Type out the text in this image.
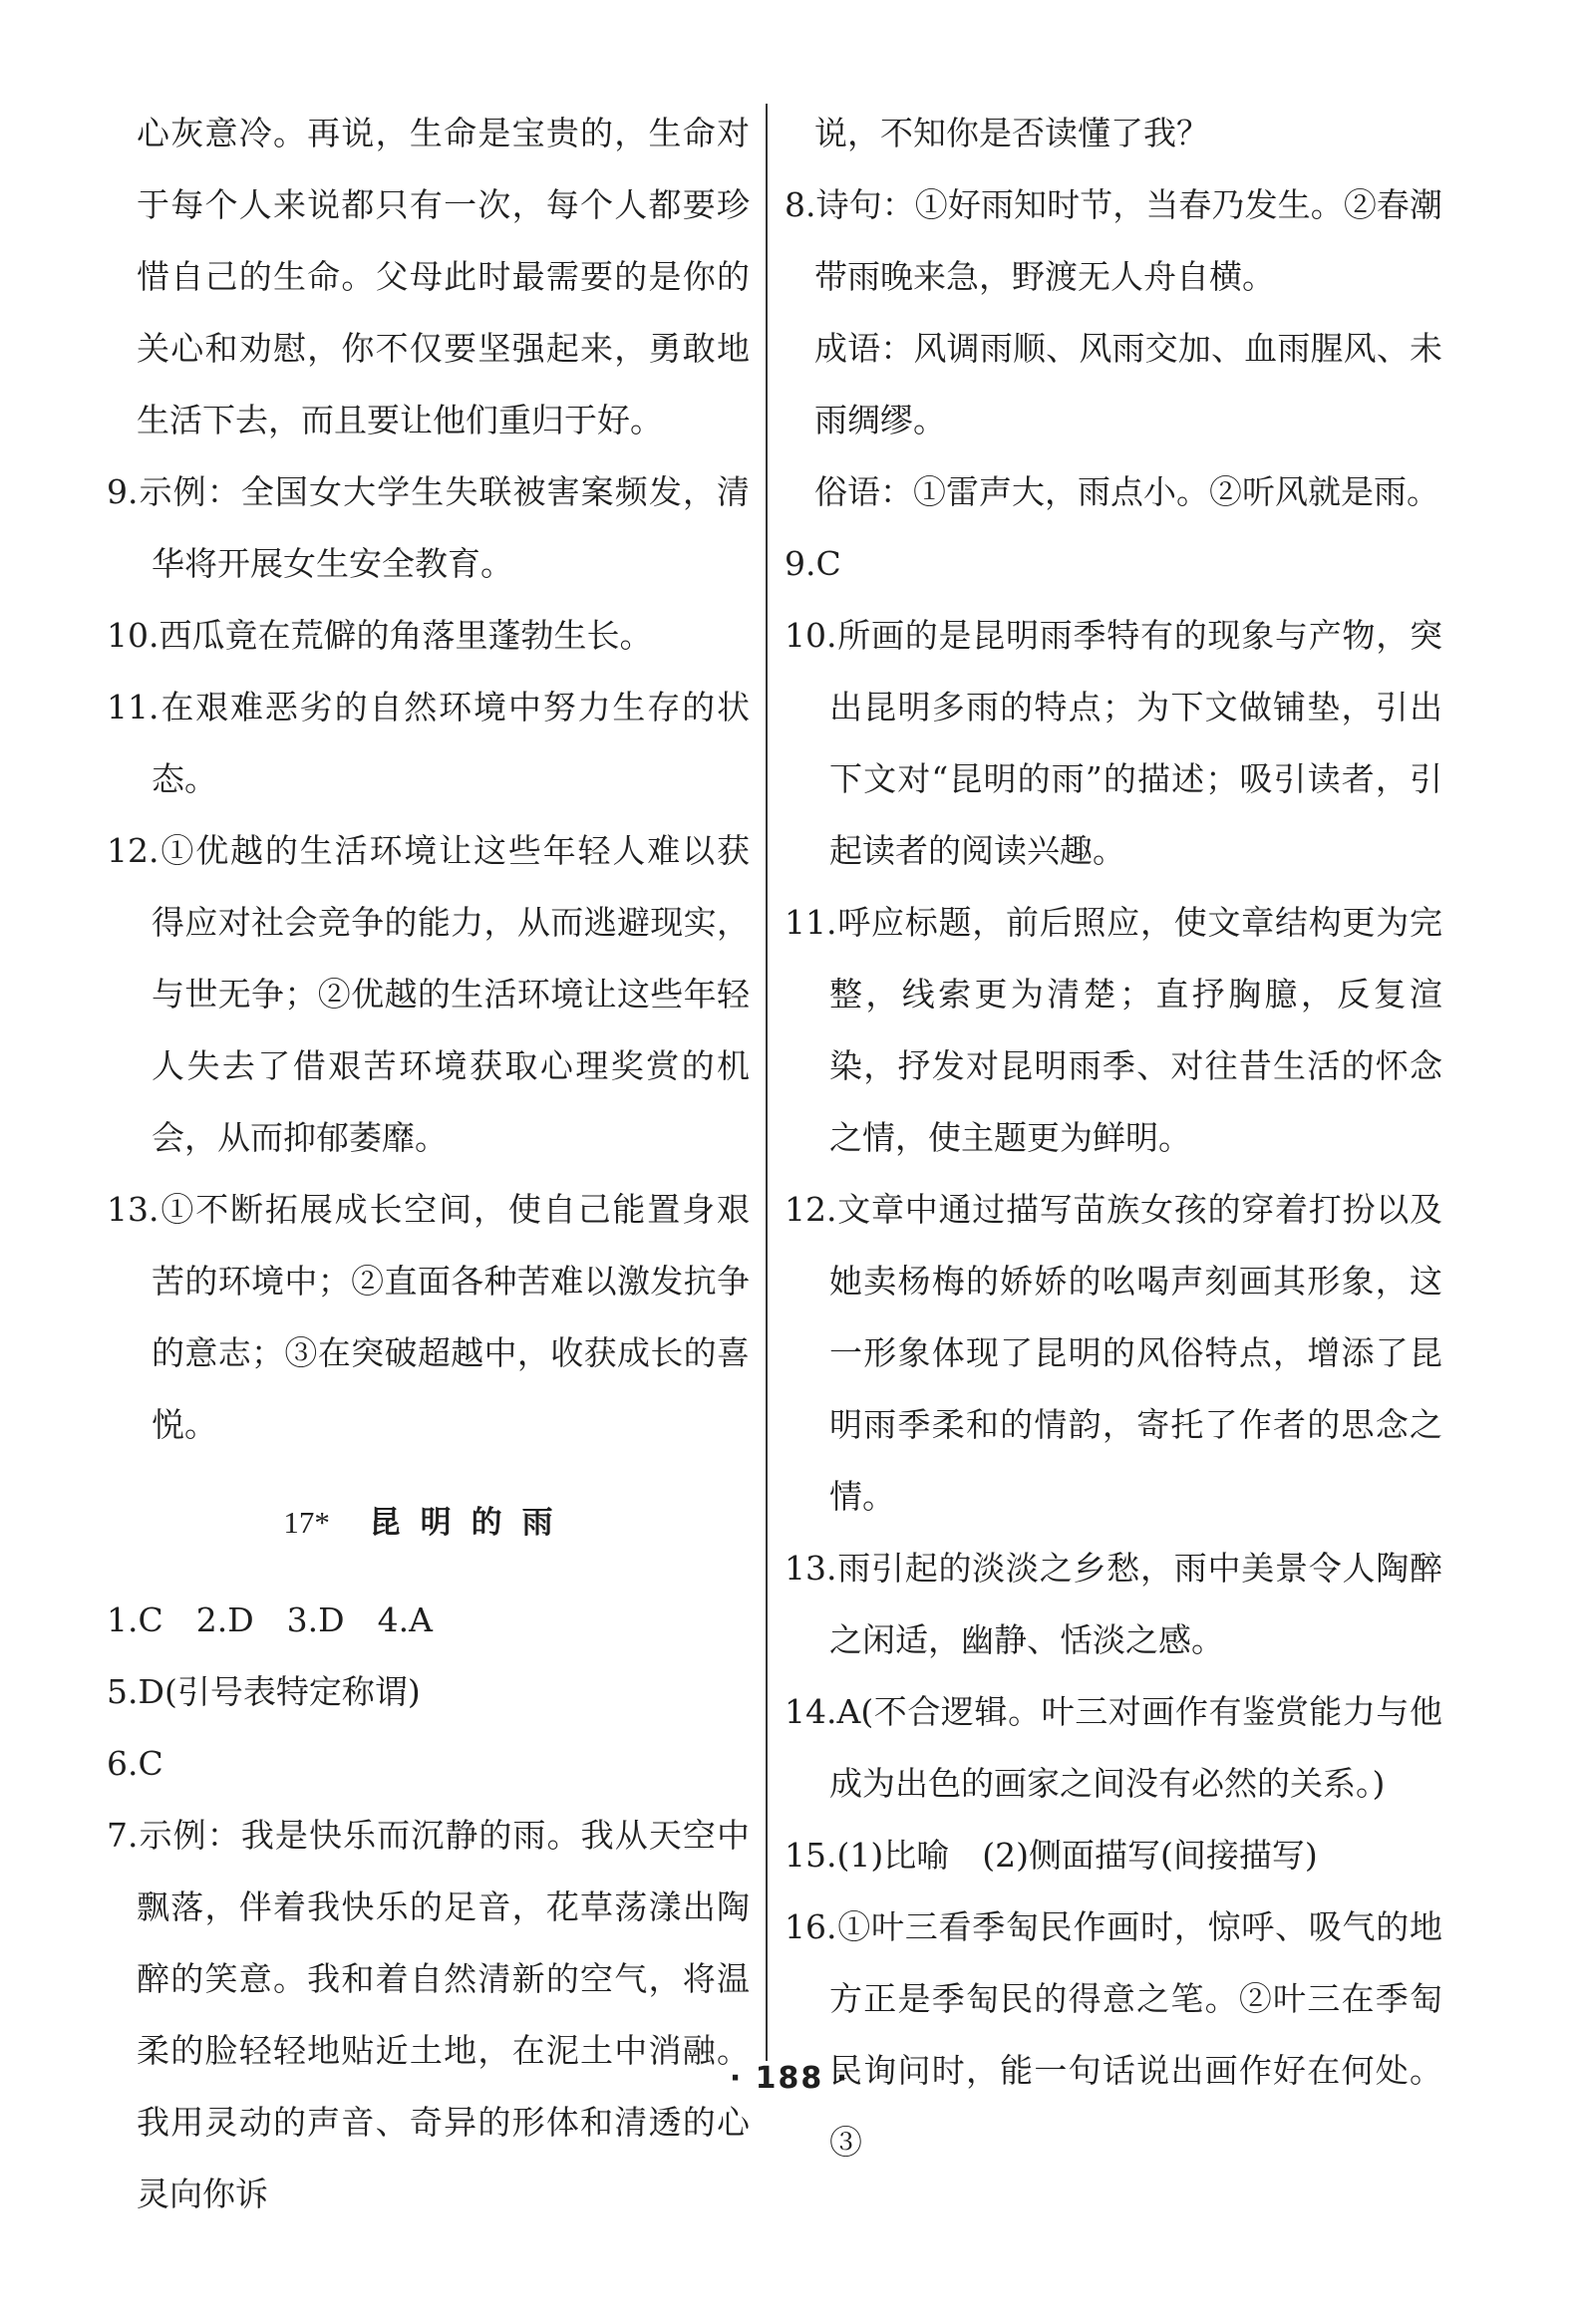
心灰意冷。再说，生命是宝贵的，生命对于每个人来说都只有一次，每个人都要珍惜自己的生命。父母此时最需要的是你的关心和劝慰，你不仅要坚强起来，勇敢地生活下去，而且要让他们重归于好。

9.示例：全国女大学生失联被害案频发，清华将开展女生安全教育。

10.西瓜竟在荒僻的角落里蓬勃生长。

11.在艰难恶劣的自然环境中努力生存的状态。

12.①优越的生活环境让这些年轻人难以获得应对社会竞争的能力，从而逃避现实，与世无争；②优越的生活环境让这些年轻人失去了借艰苦环境获取心理奖赏的机会，从而抑郁萎靡。

13.①不断拓展成长空间，使自己能置身艰苦的环境中；②直面各种苦难以激发抗争的意志；③在突破超越中，收获成长的喜悦。

17* 昆明的雨

1.C　2.D　3.D　4.A

5.D(引号表特定称谓)

6.C

7.示例：我是快乐而沉静的雨。我从天空中飘落，伴着我快乐的足音，花草荡漾出陶醉的笑意。我和着自然清新的空气，将温柔的脸轻轻地贴近土地，在泥土中消融。我用灵动的声音、奇异的形体和清透的心灵向你诉

说，不知你是否读懂了我？

8.诗句：①好雨知时节，当春乃发生。②春潮带雨晚来急，野渡无人舟自横。

成语：风调雨顺、风雨交加、血雨腥风、未雨绸缪。

俗语：①雷声大，雨点小。②听风就是雨。

9.C

10.所画的是昆明雨季特有的现象与产物，突出昆明多雨的特点；为下文做铺垫，引出下文对“昆明的雨”的描述；吸引读者，引起读者的阅读兴趣。

11.呼应标题，前后照应，使文章结构更为完整，线索更为清楚；直抒胸臆，反复渲染，抒发对昆明雨季、对往昔生活的怀念之情，使主题更为鲜明。

12.文章中通过描写苗族女孩的穿着打扮以及她卖杨梅的娇娇的吆喝声刻画其形象，这一形象体现了昆明的风俗特点，增添了昆明雨季柔和的情韵，寄托了作者的思念之情。

13.雨引起的淡淡之乡愁，雨中美景令人陶醉之闲适，幽静、恬淡之感。

14.A(不合逻辑。叶三对画作有鉴赏能力与他成为出色的画家之间没有必然的关系。)

15.(1)比喻　(2)侧面描写(间接描写)

16.①叶三看季匋民作画时，惊呼、吸气的地方正是季匋民的得意之笔。②叶三在季匋民询问时，能一句话说出画作好在何处。③

· 188 ·
